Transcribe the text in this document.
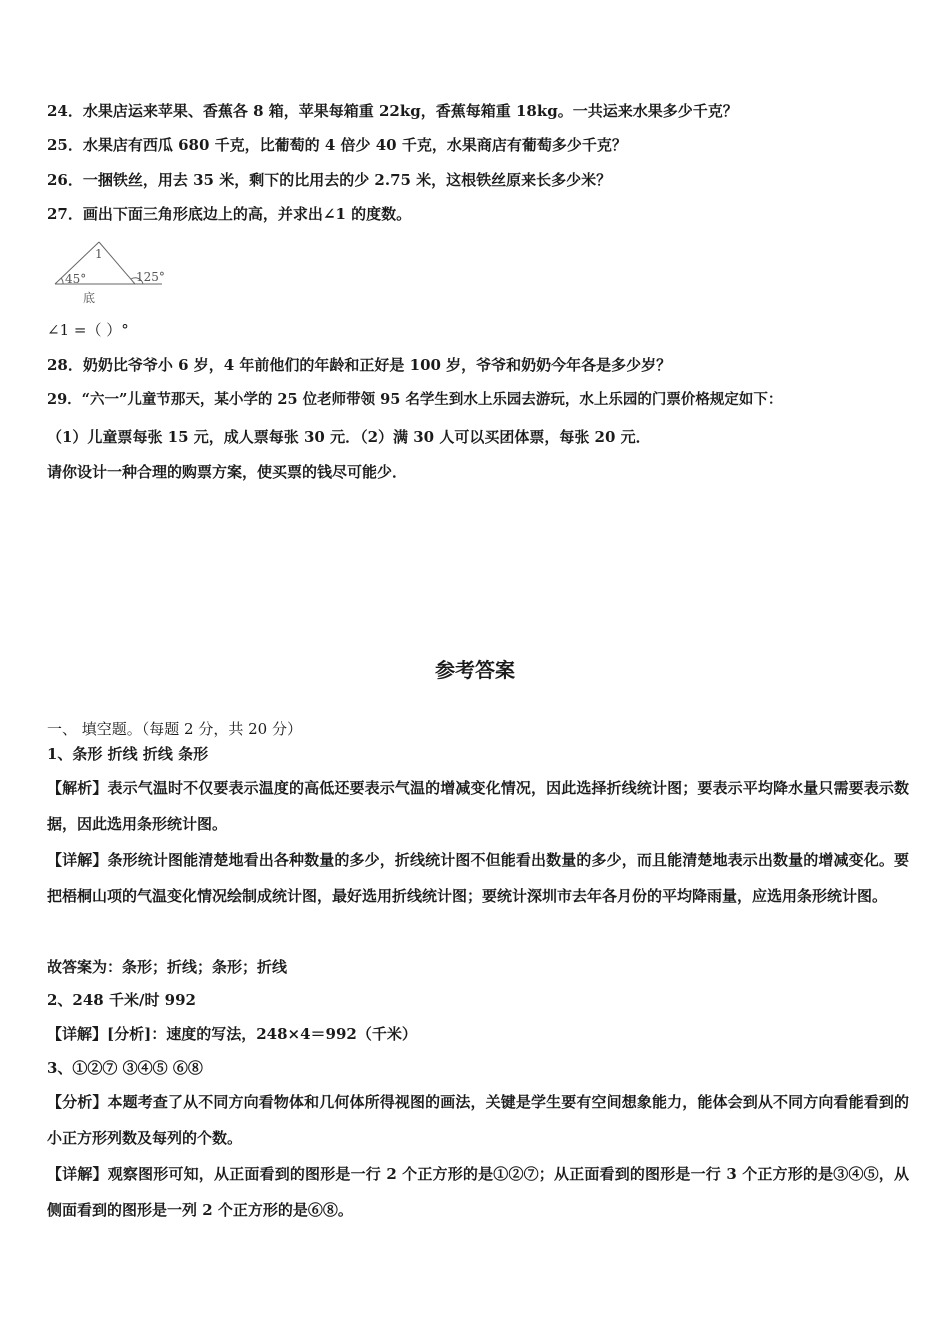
24．水果店运来苹果、香蕉各 8 箱，苹果每箱重 22kg，香蕉每箱重 18kg。一共运来水果多少千克？
25．水果店有西瓜 680 千克，比葡萄的 4 倍少 40 千克，水果商店有葡萄多少千克？
26．一捆铁丝，用去 35 米，剩下的比用去的少 2.75 米，这根铁丝原来长多少米？
27．画出下面三角形底边上的高，并求出∠1 的度数。
1
45°	125°
底
∠1 =（ ）°
28．奶奶比爷爷小 6 岁，4 年前他们的年龄和正好是 100 岁，爷爷和奶奶今年各是多少岁？
29．“六一”儿童节那天，某小学的 25 位老师带领 95 名学生到水上乐园去游玩，水上乐园的门票价格规定如下：
（1）儿童票每张 15 元，成人票每张 30 元．（2）满 30 人可以买团体票，每张 20 元．
请你设计一种合理的购票方案，使买票的钱尽可能少．
参考答案
一、 填空题。（每题 2 分，共 20 分）
1、条形 折线 折线 条形
【解析】表示气温时不仅要表示温度的高低还要表示气温的增减变化情况，因此选择折线统计图；要表示平均降水量只需要表示数据，因此选用条形统计图。
【详解】条形统计图能清楚地看出各种数量的多少，折线统计图不但能看出数量的多少，而且能清楚地表示出数量的增减变化。要把梧桐山项的气温变化情况绘制成统计图，最好选用折线统计图；要统计深圳市去年各月份的平均降雨量，应选用条形统计图。
故答案为：条形；折线；条形；折线
2、248 千米/时 992
【详解】[分析]：速度的写法，248×4＝992（千米）
3、①②⑦ ③④⑤ ⑥⑧
【分析】本题考查了从不同方向看物体和几何体所得视图的画法，关键是学生要有空间想象能力，能体会到从不同方向看能看到的小正方形列数及每列的个数。
【详解】观察图形可知，从正面看到的图形是一行 2 个正方形的是①②⑦；从正面看到的图形是一行 3 个正方形的是③④⑤，从侧面看到的图形是一列 2 个正方形的是⑥⑧。
